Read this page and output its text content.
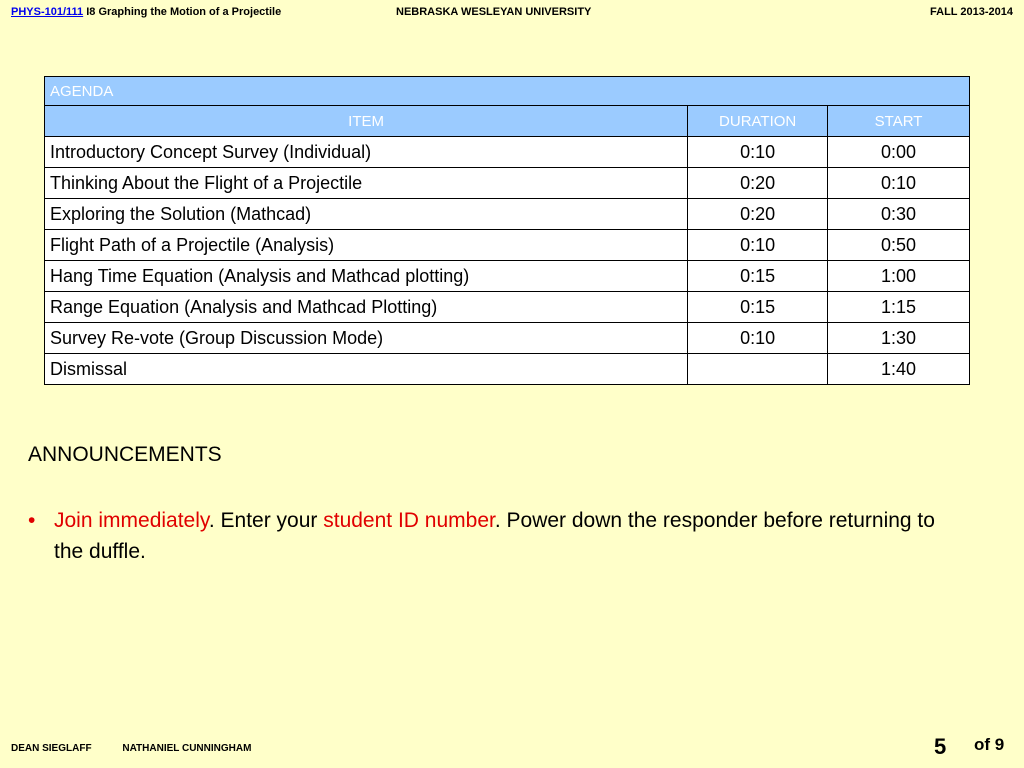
PHYS-101/111 I8 Graphing the Motion of a Projectile	NEBRASKA WESLEYAN UNIVERSITY	FALL 2013-2014
AGENDA		
ITEM	DURATION	START
Introductory Concept Survey (Individual)	0:10	0:00
Thinking About the Flight of a Projectile	0:20	0:10
Exploring the Solution (Mathcad)	0:20	0:30
Flight Path of a Projectile (Analysis)	0:10	0:50
Hang Time Equation (Analysis and Mathcad plotting)	0:15	1:00
Range Equation (Analysis and Mathcad Plotting)	0:15	1:15
Survey Re-vote (Group Discussion Mode)	0:10	1:30
Dismissal		1:40
ANNOUNCEMENTS
• Join immediately. Enter your student ID number. Power down the responder before returning to the duffle.
DEAN SIEGLAFF	NATHANIEL CUNNINGHAM	5 of 9
